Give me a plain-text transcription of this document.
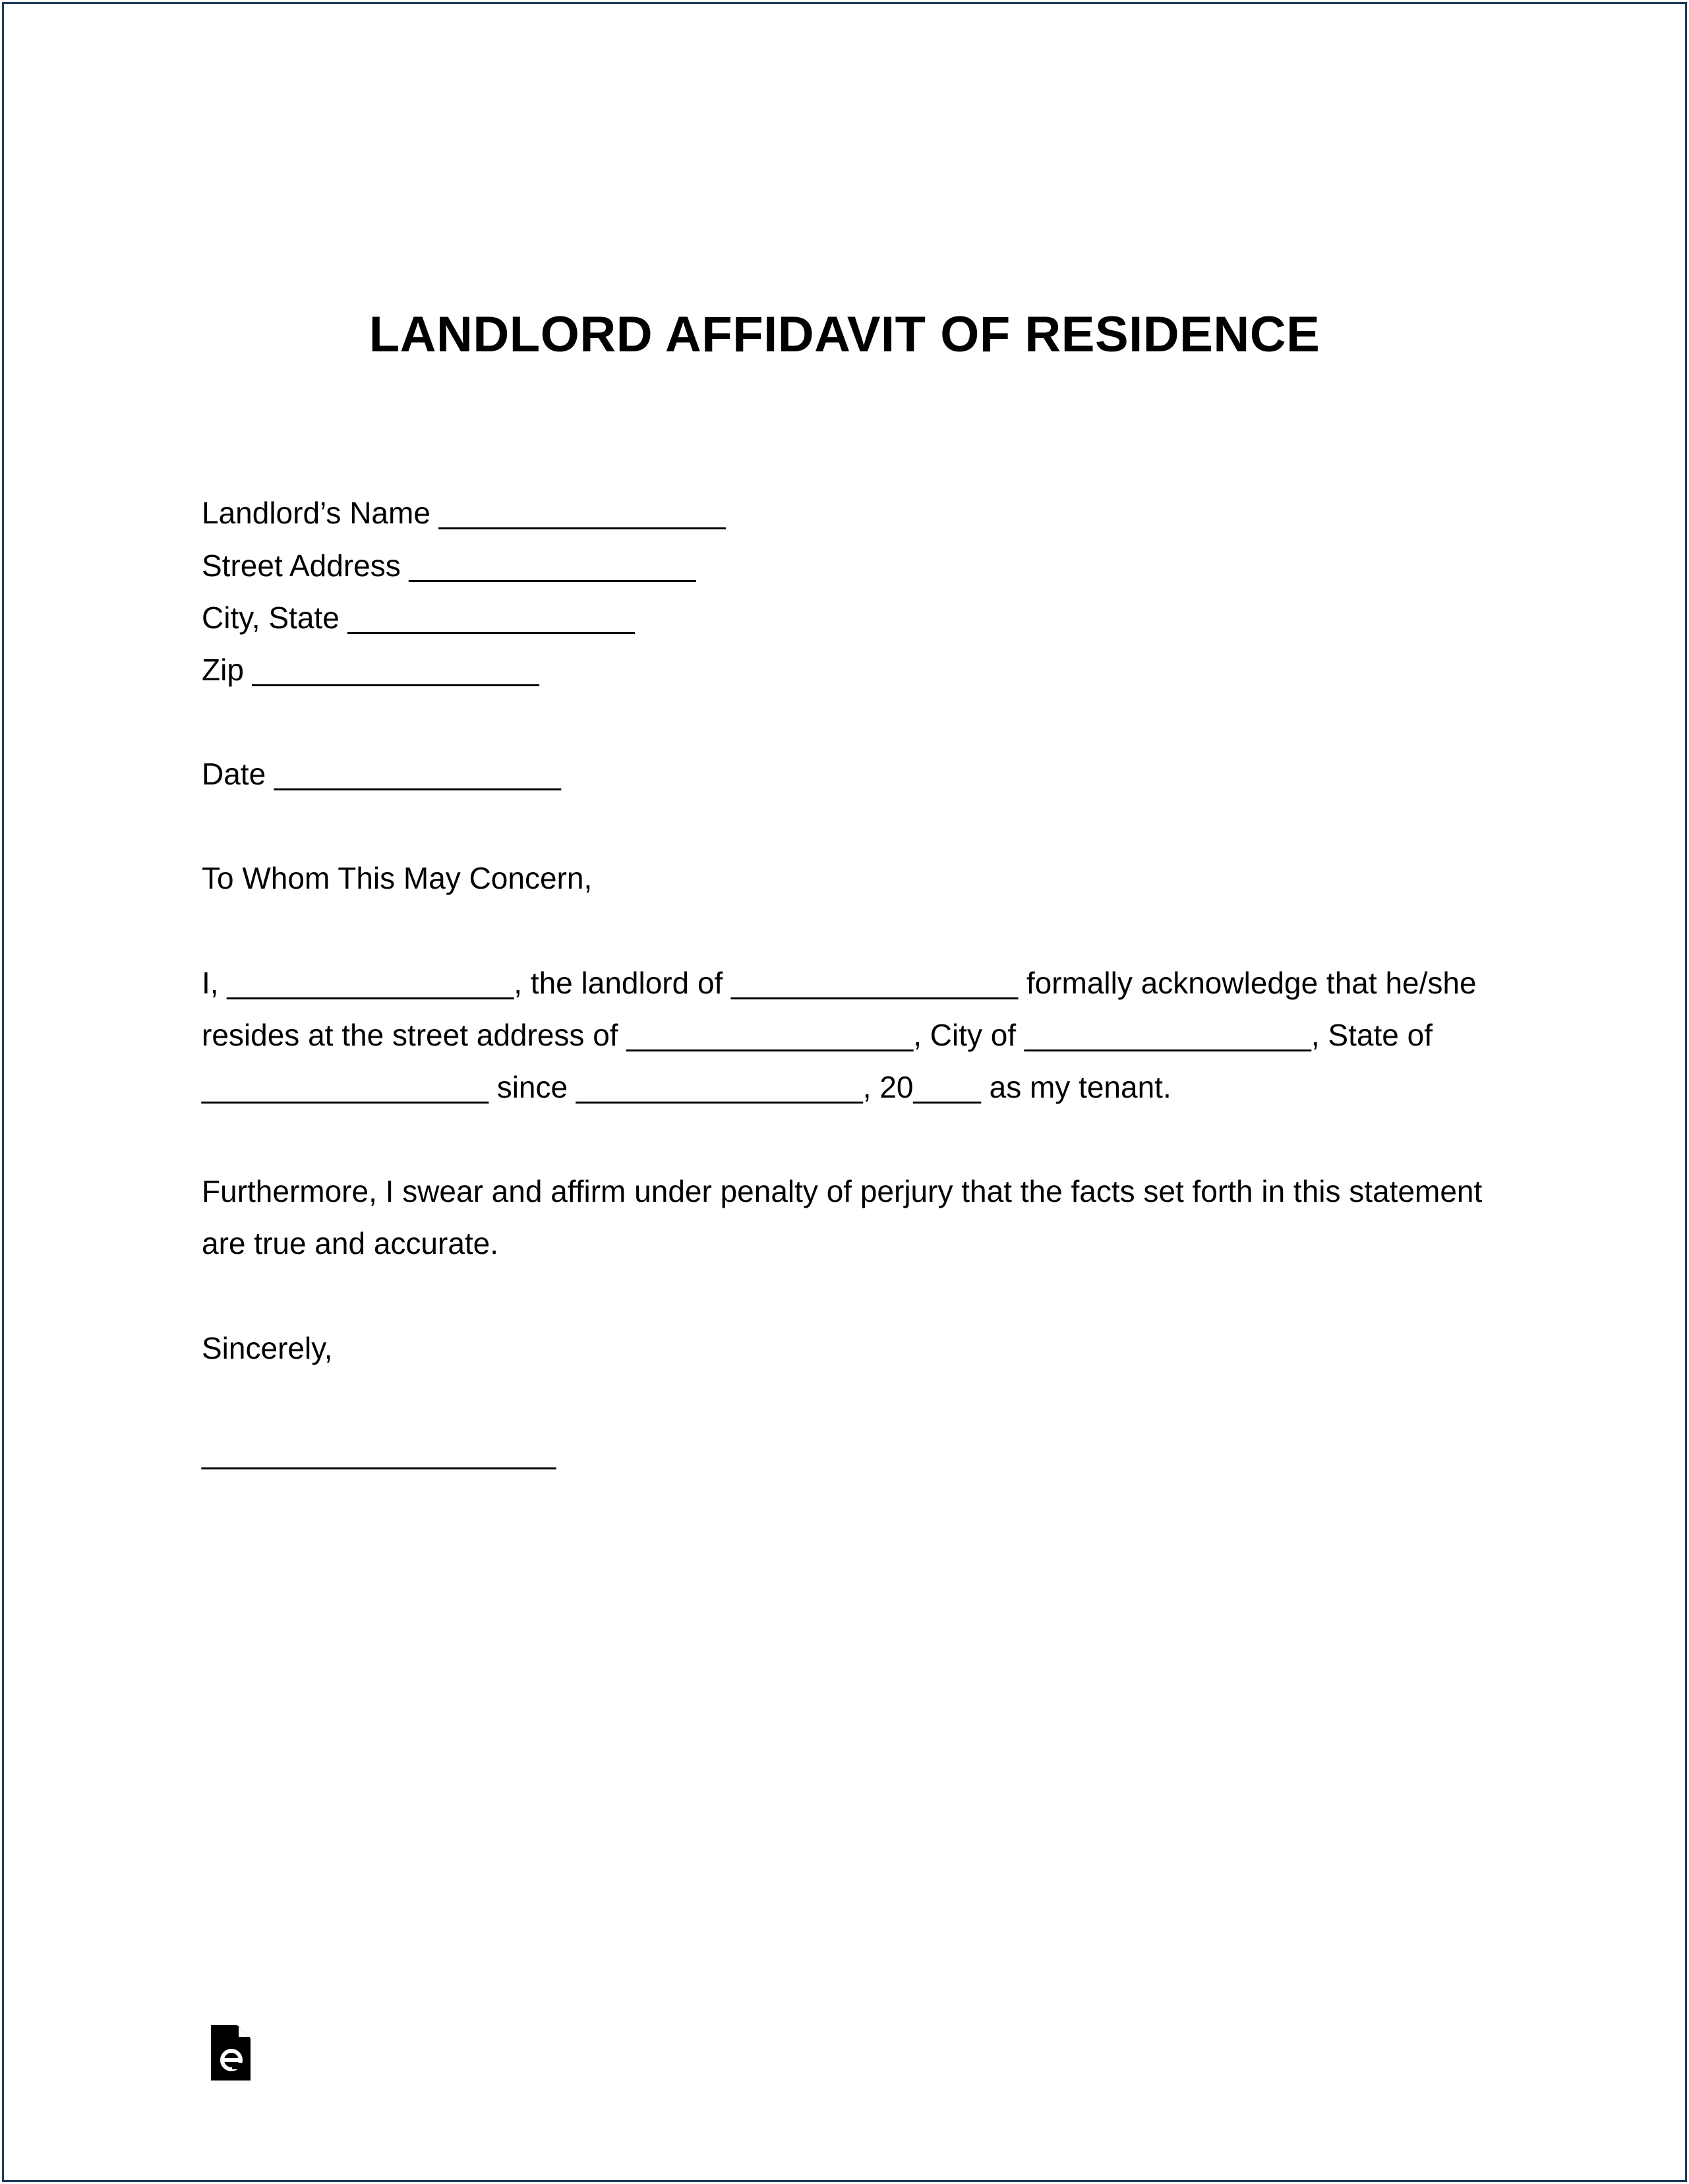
LANDLORD AFFIDAVIT OF RESIDENCE
Landlord’s Name _________________
Street Address _________________
City, State _________________
Zip _________________
Date _________________
To Whom This May Concern,
I, _________________, the landlord of _________________ formally acknowledge that he/she
resides at the street address of _________________, City of _________________, State of
_________________ since _________________, 20____ as my tenant.
Furthermore, I swear and affirm under penalty of perjury that the facts set forth in this statement
are true and accurate.
Sincerely,
_____________________
